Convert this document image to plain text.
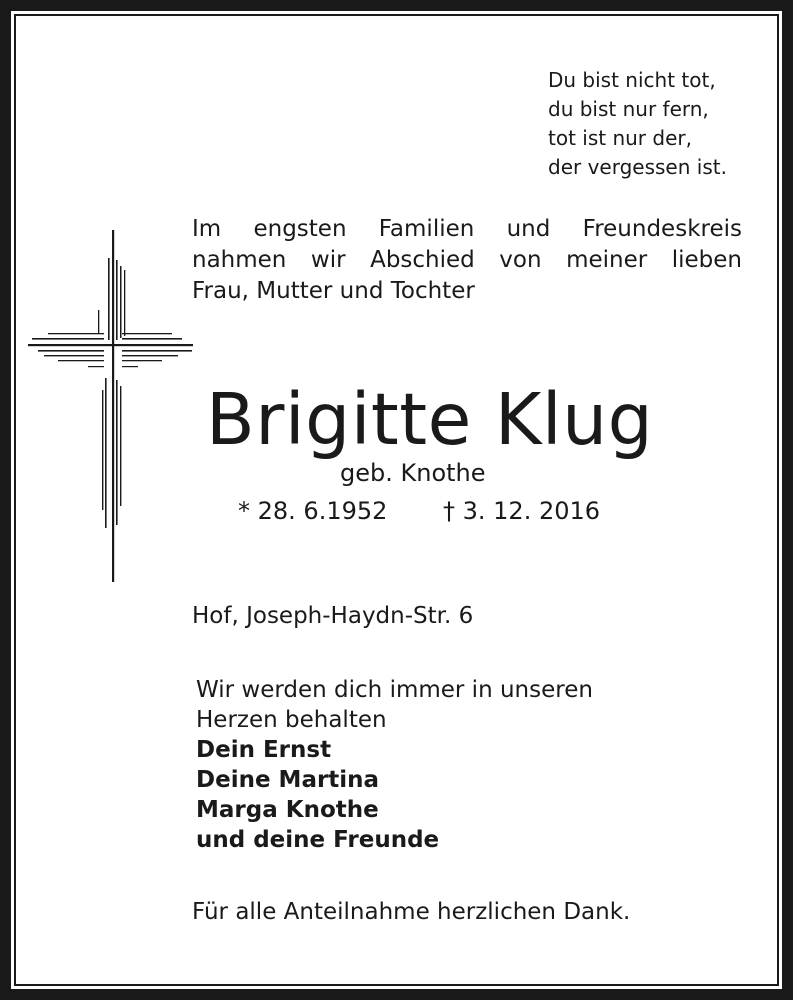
Du bist nicht tot,
du bist nur fern,
tot ist nur der,
der vergessen ist.
Im engsten Familien und Freundeskreis
nahmen wir Abschied von meiner lieben
Frau, Mutter und Tochter
Brigitte Klug
geb. Knothe
* 28. 6.1952 † 3. 12. 2016
Hof, Joseph-Haydn-Str. 6
Wir werden dich immer in unseren
Herzen behalten
Dein Ernst
Deine Martina
Marga Knothe
und deine Freunde
Für alle Anteilnahme herzlichen Dank.
